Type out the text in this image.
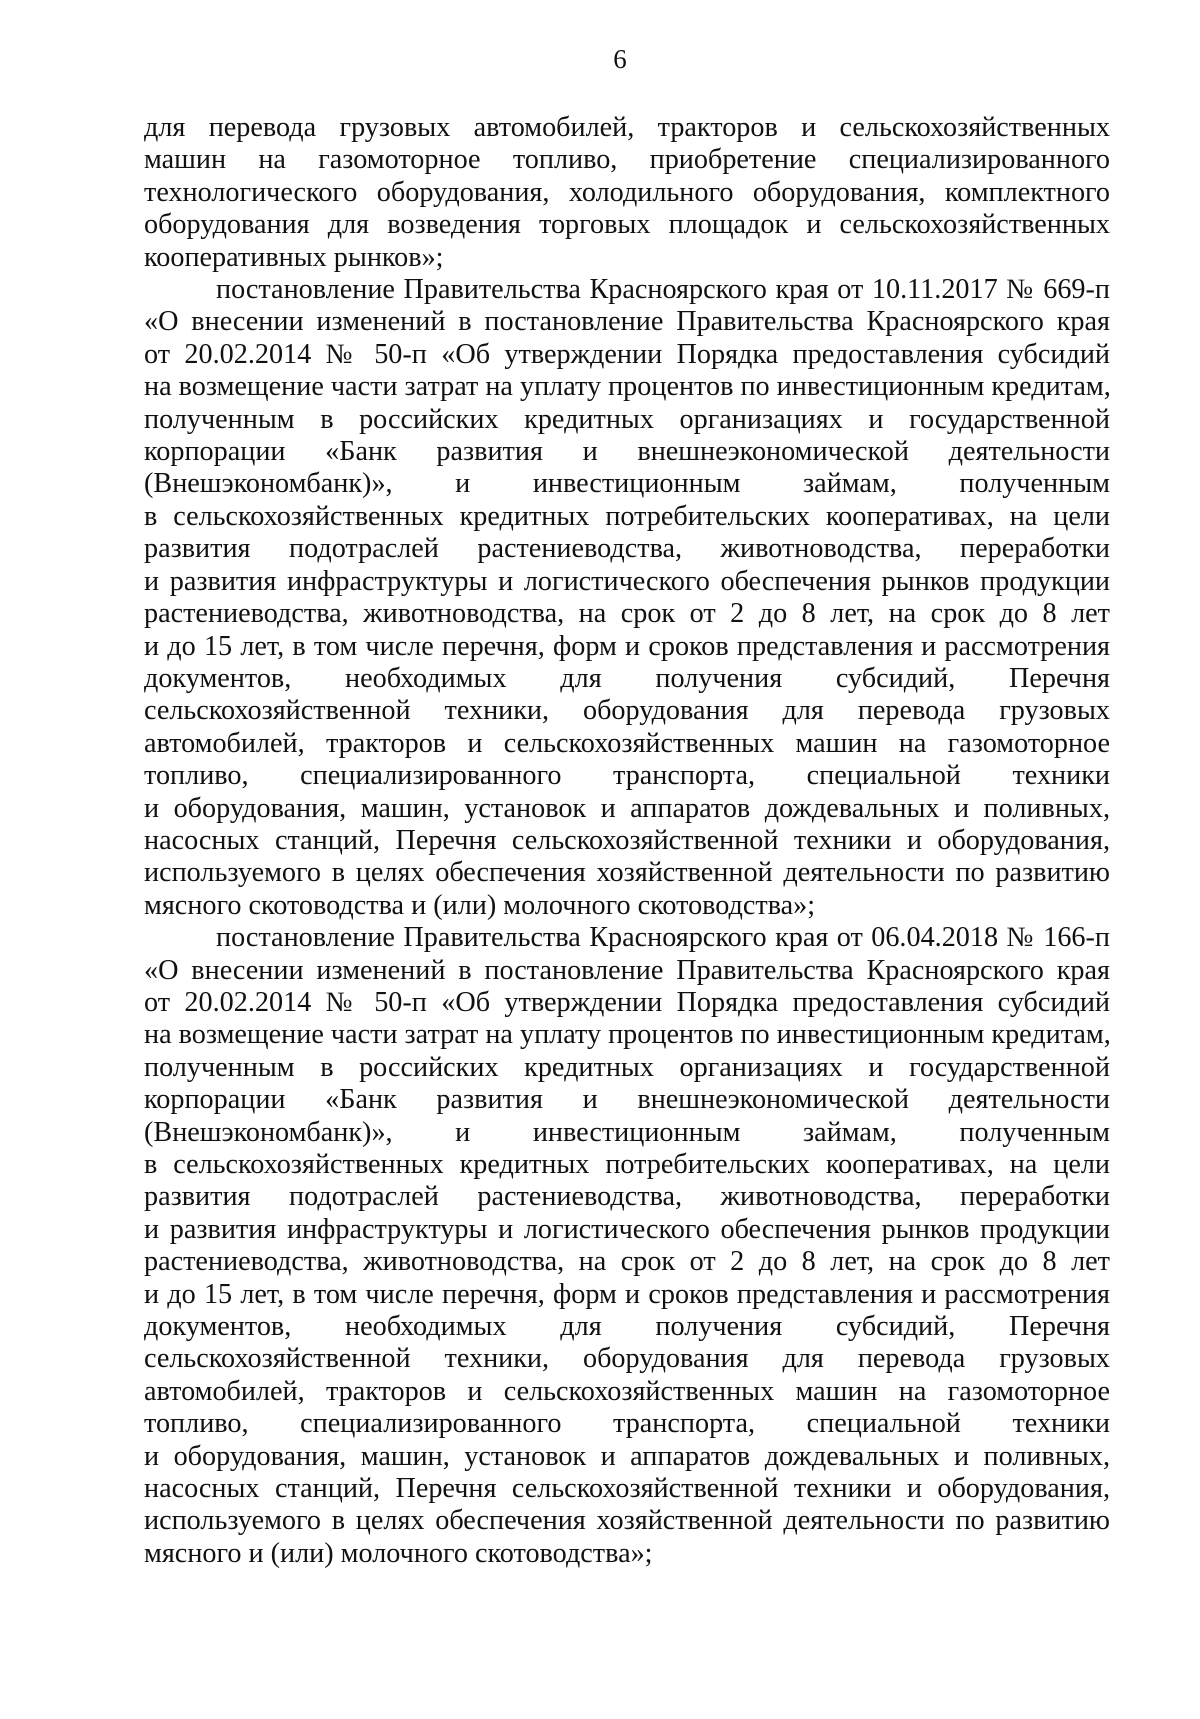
6
для перевода грузовых автомобилей, тракторов и сельскохозяйственных
машин на газомоторное топливо, приобретение специализированного
технологического оборудования, холодильного оборудования, комплектного
оборудования для возведения торговых площадок и сельскохозяйственных
кооперативных рынков»;
постановление Правительства Красноярского края от 10.11.2017 № 669-п
«О внесении изменений в постановление Правительства Красноярского края
от 20.02.2014 № 50-п «Об утверждении Порядка предоставления субсидий
на возмещение части затрат на уплату процентов по инвестиционным кредитам,
полученным в российских кредитных организациях и государственной
корпорации «Банк развития и внешнеэкономической деятельности
(Внешэкономбанк)», и инвестиционным займам, полученным
в сельскохозяйственных кредитных потребительских кооперативах, на цели
развития подотраслей растениеводства, животноводства, переработки
и развития инфраструктуры и логистического обеспечения рынков продукции
растениеводства, животноводства, на срок от 2 до 8 лет, на срок до 8 лет
и до 15 лет, в том числе перечня, форм и сроков представления и рассмотрения
документов, необходимых для получения субсидий, Перечня
сельскохозяйственной техники, оборудования для перевода грузовых
автомобилей, тракторов и сельскохозяйственных машин на газомоторное
топливо, специализированного транспорта, специальной техники
и оборудования, машин, установок и аппаратов дождевальных и поливных,
насосных станций, Перечня сельскохозяйственной техники и оборудования,
используемого в целях обеспечения хозяйственной деятельности по развитию
мясного скотоводства и (или) молочного скотоводства»;
постановление Правительства Красноярского края от 06.04.2018 № 166-п
«О внесении изменений в постановление Правительства Красноярского края
от 20.02.2014 № 50-п «Об утверждении Порядка предоставления субсидий
на возмещение части затрат на уплату процентов по инвестиционным кредитам,
полученным в российских кредитных организациях и государственной
корпорации «Банк развития и внешнеэкономической деятельности
(Внешэкономбанк)», и инвестиционным займам, полученным
в сельскохозяйственных кредитных потребительских кооперативах, на цели
развития подотраслей растениеводства, животноводства, переработки
и развития инфраструктуры и логистического обеспечения рынков продукции
растениеводства, животноводства, на срок от 2 до 8 лет, на срок до 8 лет
и до 15 лет, в том числе перечня, форм и сроков представления и рассмотрения
документов, необходимых для получения субсидий, Перечня
сельскохозяйственной техники, оборудования для перевода грузовых
автомобилей, тракторов и сельскохозяйственных машин на газомоторное
топливо, специализированного транспорта, специальной техники
и оборудования, машин, установок и аппаратов дождевальных и поливных,
насосных станций, Перечня сельскохозяйственной техники и оборудования,
используемого в целях обеспечения хозяйственной деятельности по развитию
мясного и (или) молочного скотоводства»;
